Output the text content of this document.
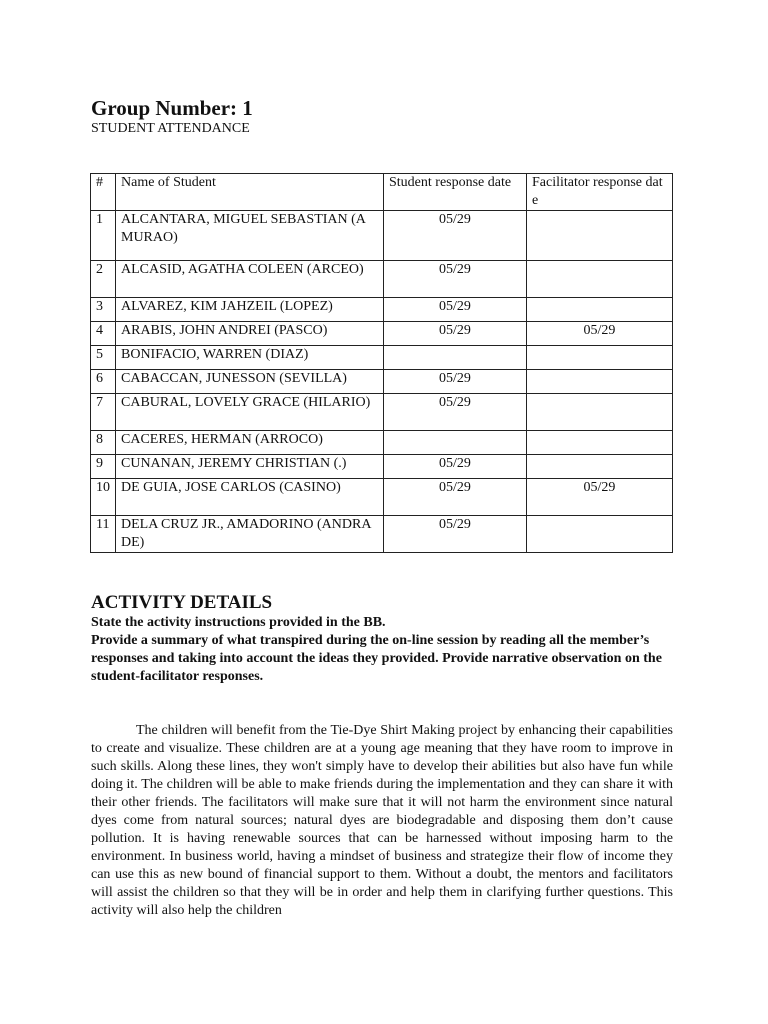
Group Number: 1
STUDENT ATTENDANCE
#	Name of Student	Student response date	Facilitator response date
1	ALCANTARA, MIGUEL SEBASTIAN (AMURAO)	05/29	
2	ALCASID, AGATHA COLEEN (ARCEO)	05/29	
3	ALVAREZ, KIM JAHZEIL (LOPEZ)	05/29	
4	ARABIS, JOHN ANDREI (PASCO)	05/29	05/29
5	BONIFACIO, WARREN (DIAZ)		
6	CABACCAN, JUNESSON (SEVILLA)	05/29	
7	CABURAL, LOVELY GRACE (HILARIO)	05/29	
8	CACERES, HERMAN (ARROCO)		
9	CUNANAN, JEREMY CHRISTIAN (.)	05/29	
10	DE GUIA, JOSE CARLOS (CASINO)	05/29	05/29
11	DELA CRUZ JR., AMADORINO (ANDRADE)	05/29	
ACTIVITY DETAILS

State the activity instructions provided in the BB.

Provide a summary of what transpired during the on-line session by reading all the member’s responses and taking into account the ideas they provided. Provide narrative observation on the student-facilitator responses.

The children will benefit from the Tie-Dye Shirt Making project by enhancing their capabilities to create and visualize. These children are at a young age meaning that they have room to improve in such skills. Along these lines, they won't simply have to develop their abilities but also have fun while doing it. The children will be able to make friends during the implementation and they can share it with their other friends. The facilitators will make sure that it will not harm the environment since natural dyes come from natural sources; natural dyes are biodegradable and disposing them don’t cause pollution. It is having renewable sources that can be harnessed without imposing harm to the environment. In business world, having a mindset of business and strategize their flow of income they can use this as new bound of financial support to them. Without a doubt, the mentors and facilitators will assist the children so that they will be in order and help them in clarifying further questions. This activity will also help the children
